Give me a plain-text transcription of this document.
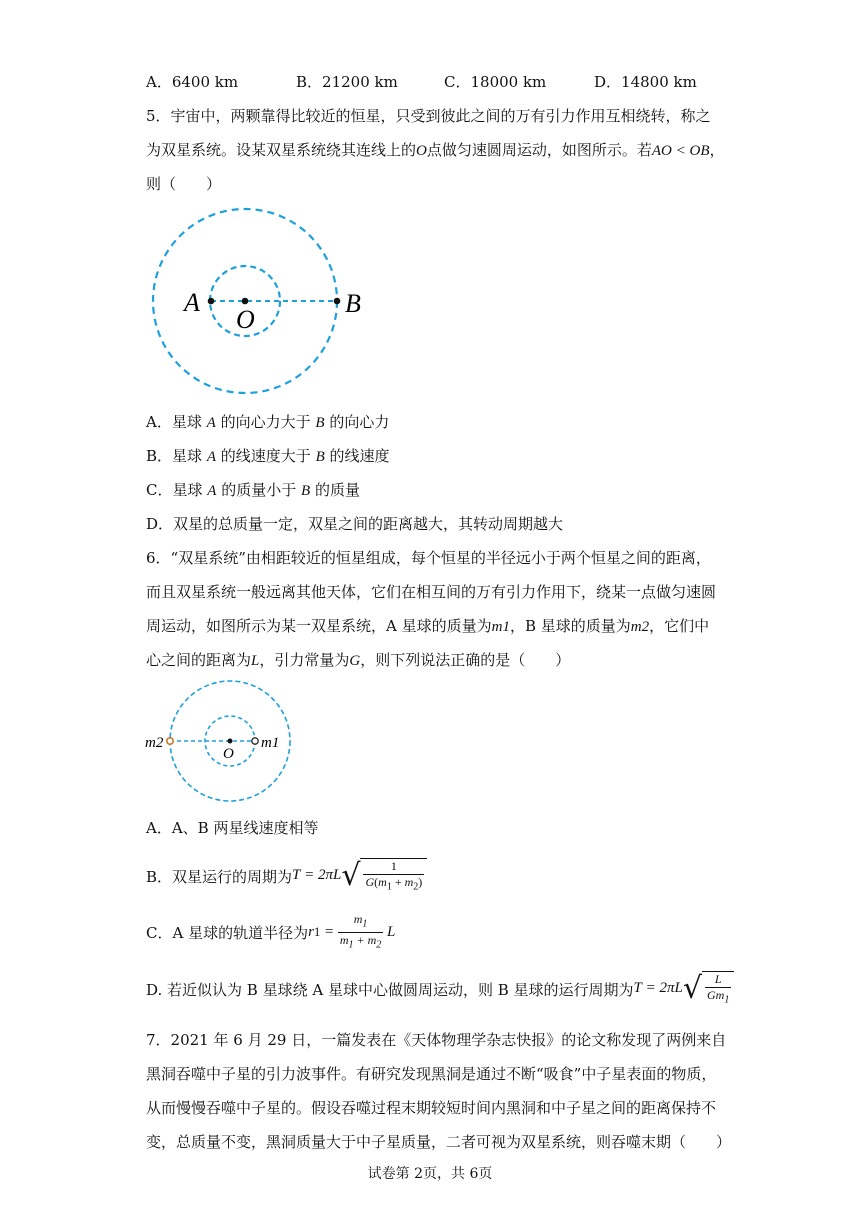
A．6400 km	B．21200 km	C．18000 km	D．14800 km
5．宇宙中，两颗靠得比较近的恒星，只受到彼此之间的万有引力作用互相绕转，称之
为双星系统。设某双星系统绕其连线上的O点做匀速圆周运动，如图所示。若AO < OB，
则（　　）
A
O
B
A．星球 A 的向心力大于 B 的向心力
B．星球 A 的线速度大于 B 的线速度
C．星球 A 的质量小于 B 的质量
D．双星的总质量一定，双星之间的距离越大，其转动周期越大
6．“双星系统”由相距较近的恒星组成，每个恒星的半径远小于两个恒星之间的距离，
而且双星系统一般远离其他天体，它们在相互间的万有引力作用下，绕某一点做匀速圆
周运动，如图所示为某一双星系统，A 星球的质量为m1，B 星球的质量为m2，它们中
心之间的距离为L，引力常量为G，则下列说法正确的是（　　）
m2
O
m1
A．A、B 两星线速度相等
B．双星运行的周期为 T = 2 π L √ $\frac{1}{G(m_1 + m_2)}$
C．A 星球的轨道半径为 r $1 = \frac{m_1}{m_1 + m_2}$
L
D. 若近似认为 B 星球绕 A 星球中心做圆周运动，则 B 星球的运行周期为 T = 2 π L √ $\frac{L}{Gm_1}$
7．2021 年 6 月 29 日，一篇发表在《天体物理学杂志快报》的论文称发现了两例来自
黑洞吞噬中子星的引力波事件。有研究发现黑洞是通过不断“吸食”中子星表面的物质，
从而慢慢吞噬中子星的。假设吞噬过程末期较短时间内黑洞和中子星之间的距离保持不
变，总质量不变，黑洞质量大于中子星质量，二者可视为双星系统，则吞噬末期（　　）
试卷第 2页，共 6页
